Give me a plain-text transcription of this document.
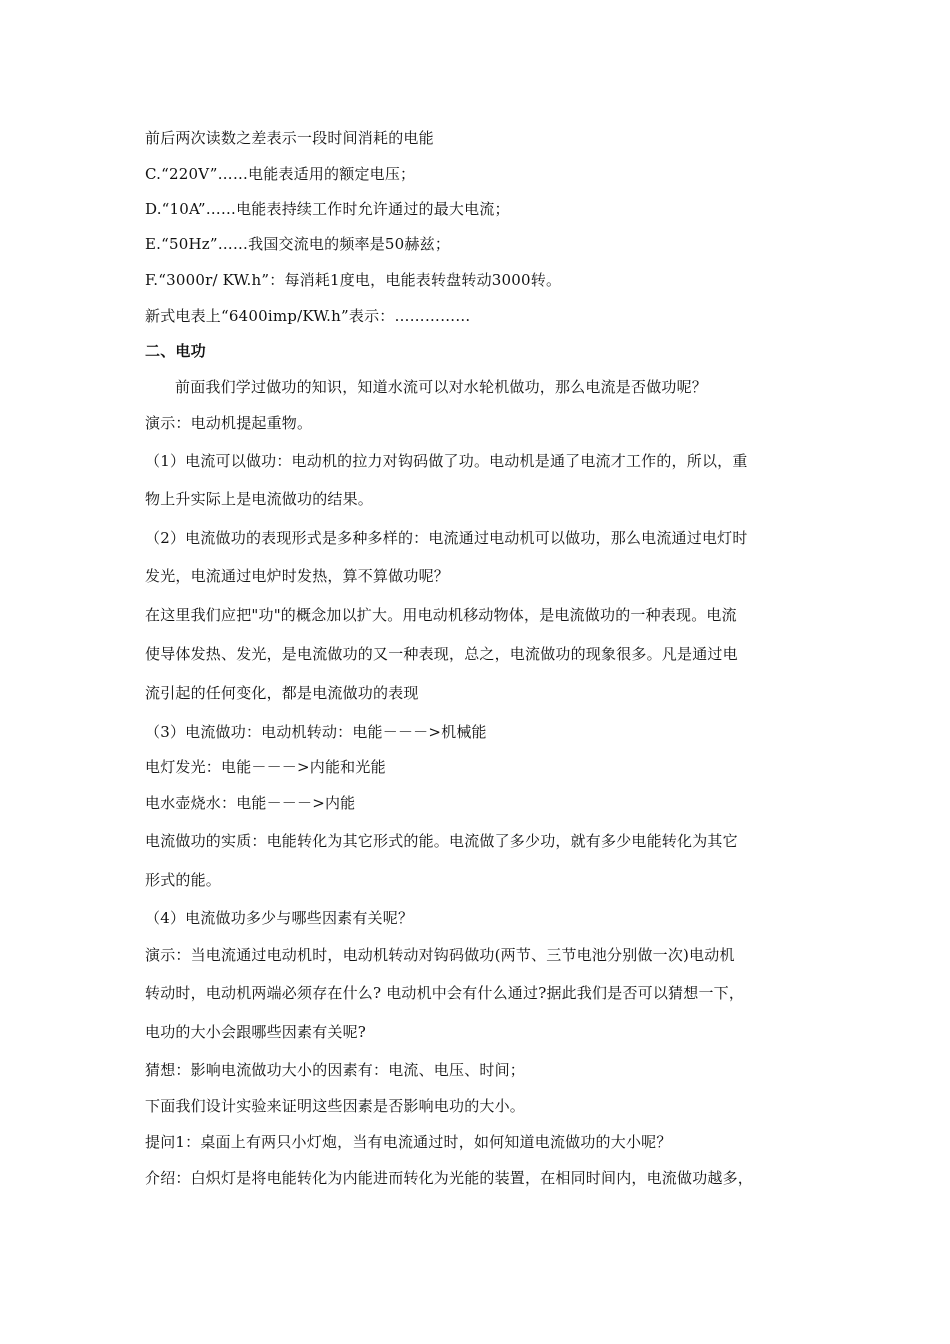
前后两次读数之差表示一段时间消耗的电能
C.“220V”……电能表适用的额定电压；
D.“10A”……电能表持续工作时允许通过的最大电流；
E.“50Hz”……我国交流电的频率是50赫兹；
F.“3000r/ KW.h”：每消耗1度电，电能表转盘转动3000转。
新式电表上“6400imp/KW.h”表示：……………
二、电功
前面我们学过做功的知识，知道水流可以对水轮机做功，那么电流是否做功呢？
演示：电动机提起重物。
（1）电流可以做功：电动机的拉力对钩码做了功。电动机是通了电流才工作的，所以，重
物上升实际上是电流做功的结果。
（2）电流做功的表现形式是多种多样的：电流通过电动机可以做功，那么电流通过电灯时
发光，电流通过电炉时发热，算不算做功呢？
在这里我们应把"功"的概念加以扩大。用电动机移动物体，是电流做功的一种表现。电流
使导体发热、发光，是电流做功的又一种表现，总之，电流做功的现象很多。凡是通过电
流引起的任何变化，都是电流做功的表现
（3）电流做功：电动机转动：电能－－－>机械能
电灯发光：电能－－－>内能和光能
电水壶烧水：电能－－－>内能
电流做功的实质：电能转化为其它形式的能。电流做了多少功，就有多少电能转化为其它
形式的能。
（4）电流做功多少与哪些因素有关呢？
演示：当电流通过电动机时，电动机转动对钩码做功(两节、三节电池分别做一次)电动机
转动时，电动机两端必须存在什么? 电动机中会有什么通过?据此我们是否可以猜想一下，
电功的大小会跟哪些因素有关呢?
猜想：影响电流做功大小的因素有：电流、电压、时间；
下面我们设计实验来证明这些因素是否影响电功的大小。
提问1：桌面上有两只小灯炮，当有电流通过时，如何知道电流做功的大小呢？
介绍：白炽灯是将电能转化为内能进而转化为光能的装置，在相同时间内，电流做功越多，
